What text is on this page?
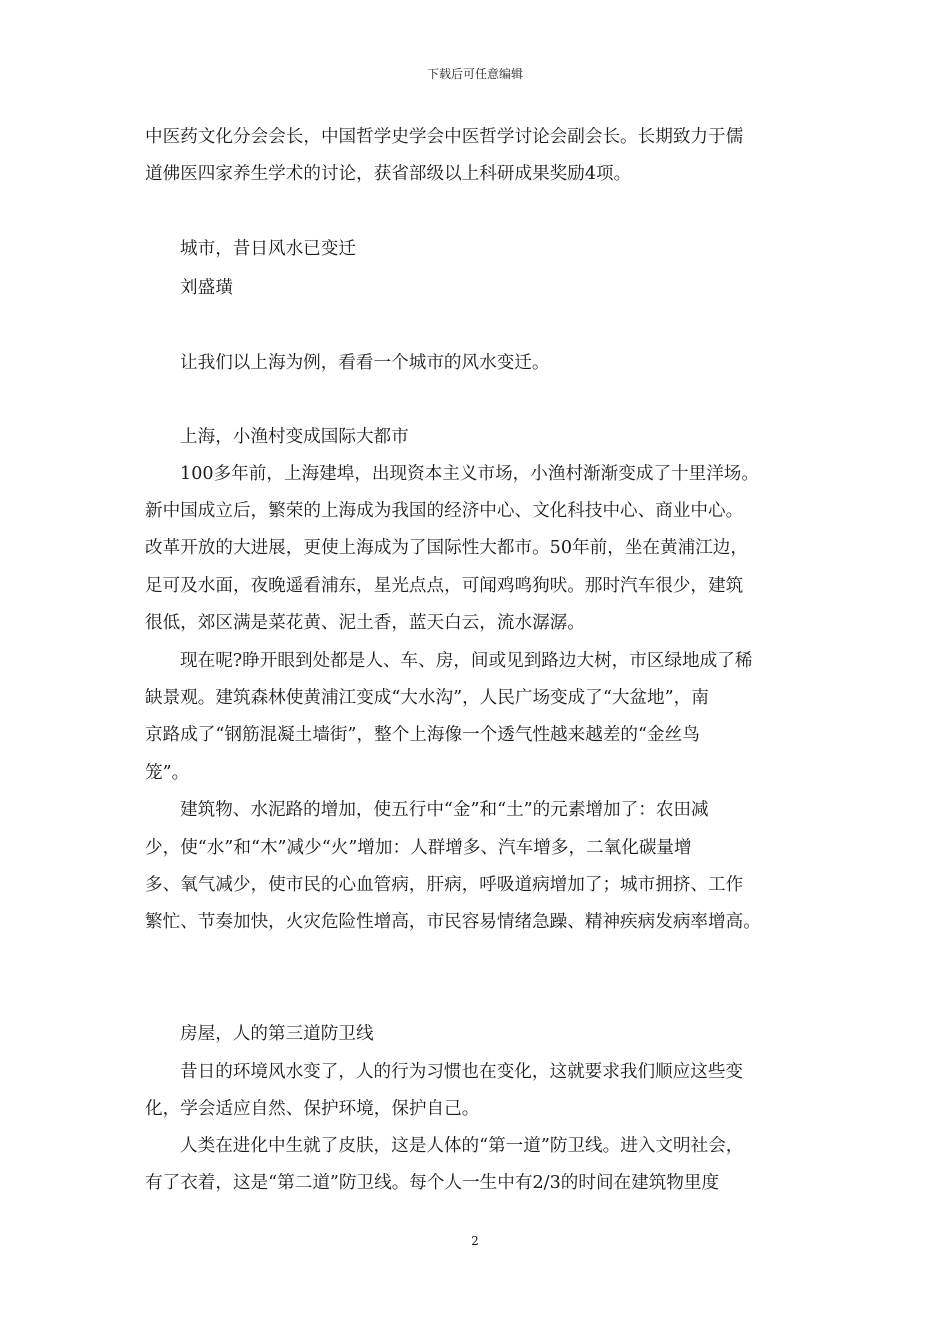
下载后可任意编辑
中医药文化分会会长，中国哲学史学会中医哲学讨论会副会长。长期致力于儒
道佛医四家养生学术的讨论，获省部级以上科研成果奖励4项。
城市，昔日风水已变迁
刘盛璜
让我们以上海为例，看看一个城市的风水变迁。
上海，小渔村变成国际大都市
100多年前，上海建埠，出现资本主义市场，小渔村渐渐变成了十里洋场。
新中国成立后，繁荣的上海成为我国的经济中心、文化科技中心、商业中心。
改革开放的大进展，更使上海成为了国际性大都市。50年前，坐在黄浦江边，
足可及水面，夜晚遥看浦东，星光点点，可闻鸡鸣狗吠。那时汽车很少，建筑
很低，郊区满是菜花黄、泥土香，蓝天白云，流水潺潺。
现在呢?睁开眼到处都是人、车、房，间或见到路边大树，市区绿地成了稀
缺景观。建筑森林使黄浦江变成“大水沟”，人民广场变成了“大盆地”，南
京路成了“钢筋混凝土墙街”，整个上海像一个透气性越来越差的“金丝鸟
笼”。
建筑物、水泥路的增加，使五行中“金”和“土”的元素增加了：农田减
少，使“水”和“木”减少“火”增加：人群增多、汽车增多，二氧化碳量增
多、氧气减少，使市民的心血管病，肝病，呼吸道病增加了；城市拥挤、工作
繁忙、节奏加快，火灾危险性增高，市民容易情绪急躁、精神疾病发病率增高。
房屋，人的第三道防卫线
昔日的环境风水变了，人的行为习惯也在变化，这就要求我们顺应这些变
化，学会适应自然、保护环境，保护自己。
人类在进化中生就了皮肤，这是人体的“第一道”防卫线。进入文明社会，
有了衣着，这是“第二道”防卫线。每个人一生中有2/3的时间在建筑物里度
2
